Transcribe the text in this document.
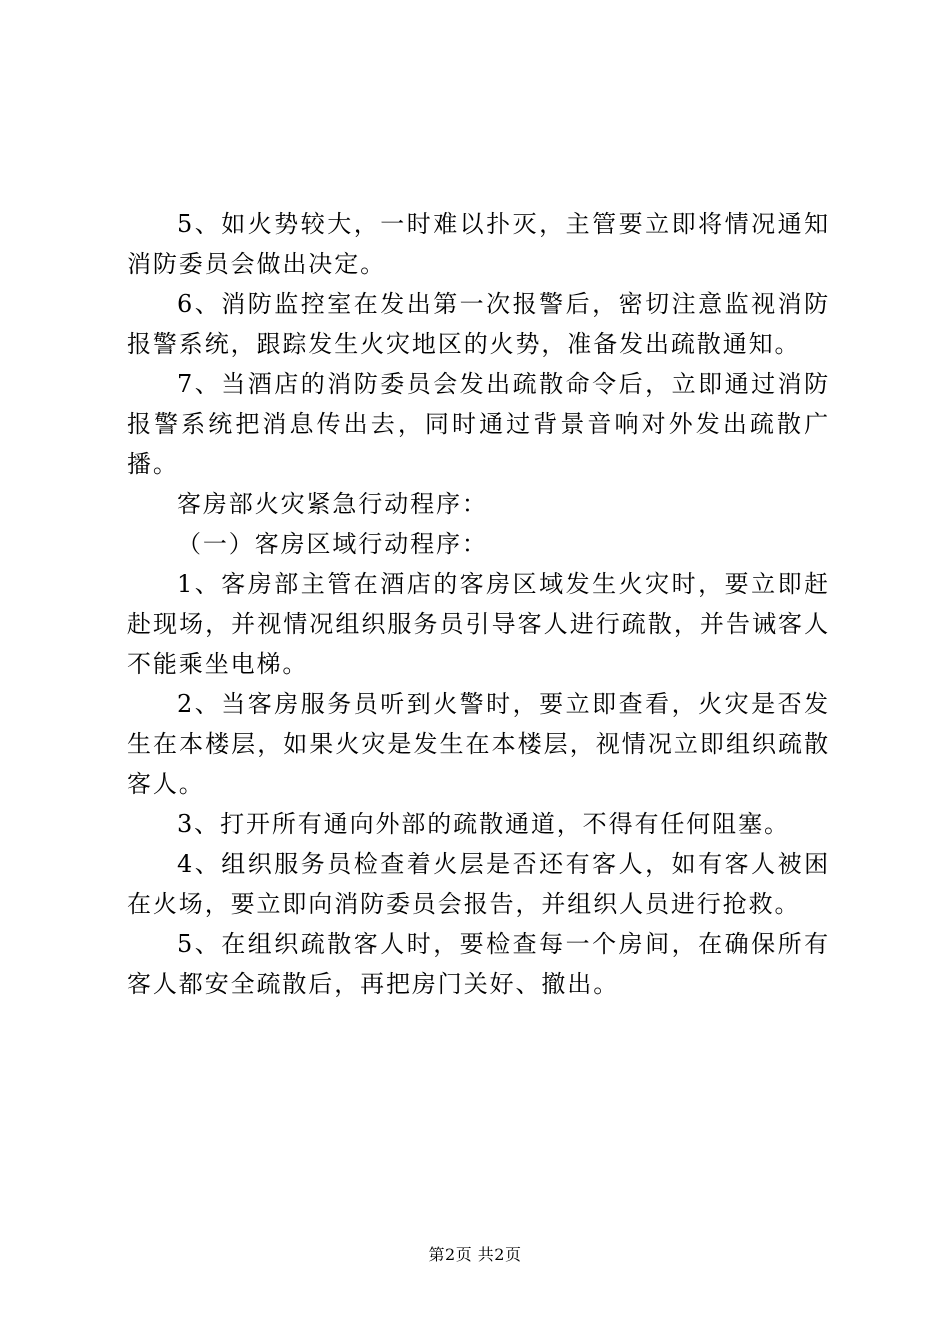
5、如火势较大，一时难以扑灭，主管要立即将情况通知消防委员会做出决定。

6、消防监控室在发出第一次报警后，密切注意监视消防报警系统，跟踪发生火灾地区的火势，准备发出疏散通知。

7、当酒店的消防委员会发出疏散命令后，立即通过消防报警系统把消息传出去，同时通过背景音响对外发出疏散广播。

客房部火灾紧急行动程序：

（一）客房区域行动程序：

1、客房部主管在酒店的客房区域发生火灾时，要立即赶赴现场，并视情况组织服务员引导客人进行疏散，并告诫客人不能乘坐电梯。

2、当客房服务员听到火警时，要立即查看，火灾是否发生在本楼层，如果火灾是发生在本楼层，视情况立即组织疏散客人。

3、打开所有通向外部的疏散通道，不得有任何阻塞。

4、组织服务员检查着火层是否还有客人，如有客人被困在火场，要立即向消防委员会报告，并组织人员进行抢救。

5、在组织疏散客人时，要检查每一个房间，在确保所有客人都安全疏散后，再把房门关好、撤出。

第2页 共2页
